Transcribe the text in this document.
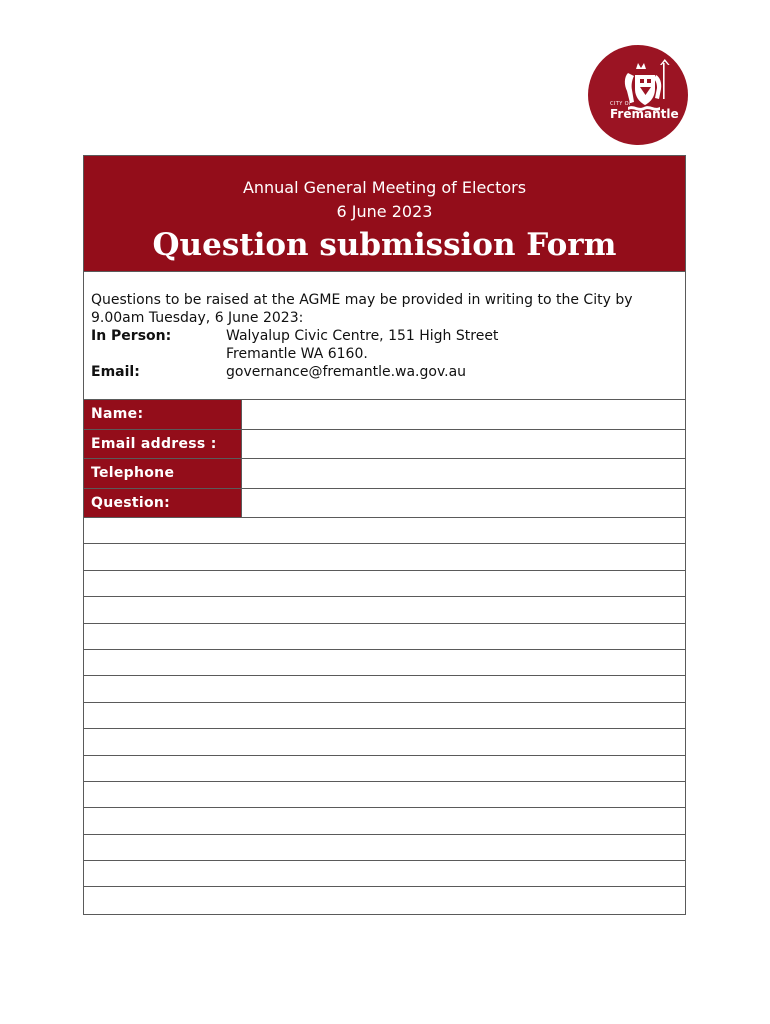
CITY OF
Fremantle
Annual General Meeting of Electors
6 June 2023
Question submission Form
Questions to be raised at the AGME may be provided in writing to the City by 9.00am Tuesday, 6 June 2023:
In Person:	Walyalup Civic Centre, 151 High Street
Fremantle WA 6160.
Email:	governance@fremantle.wa.gov.au
Name:
Email address :
Telephone
Question:
